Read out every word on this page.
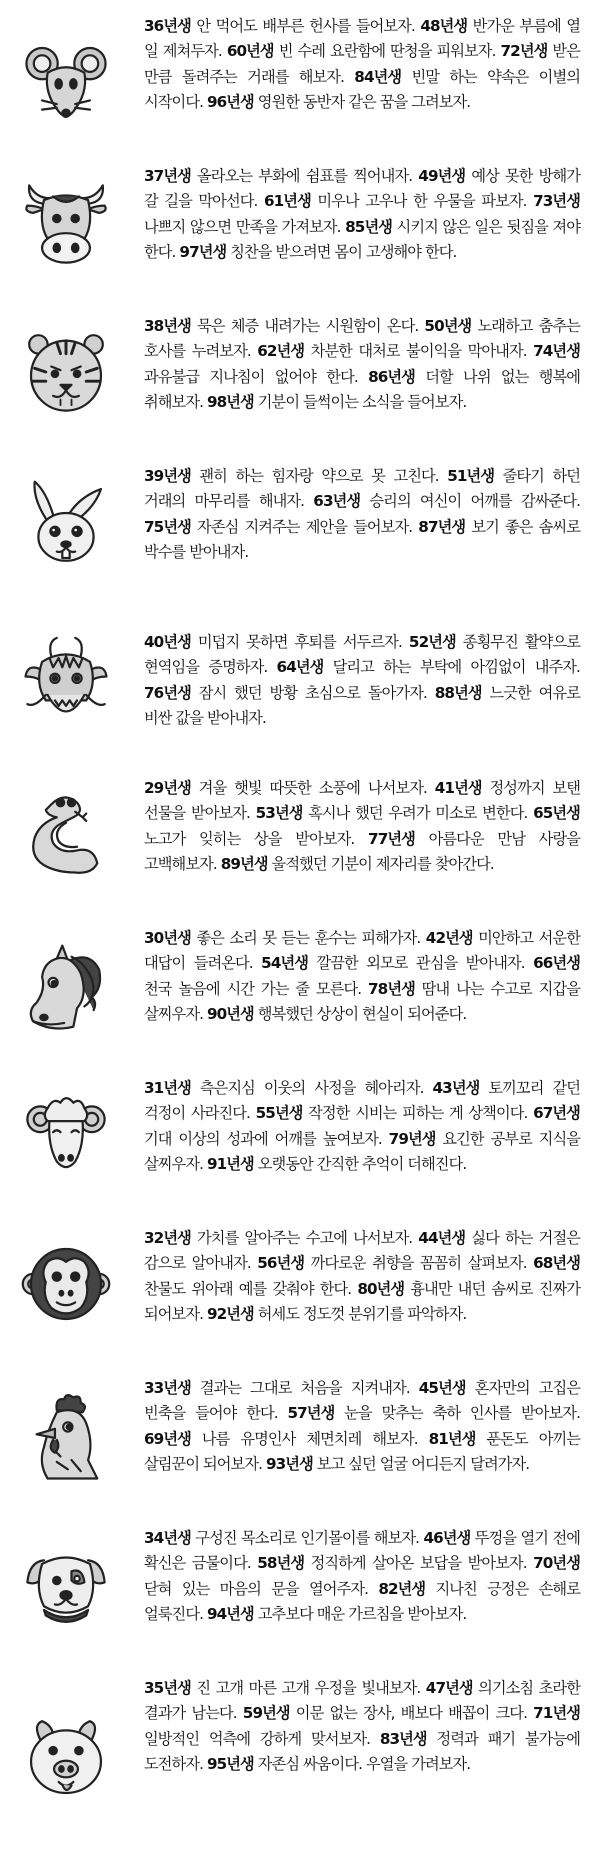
36년생 안 먹어도 배부른 헌사를 들어보자. 48년생 반가운 부름에 열 일 제쳐두자. 60년생 빈 수레 요란함에 딴청을 피워보자. 72년생 받은 만큼 돌려주는 거래를 해보자. 84년생 빈말 하는 약속은 이별의 시작이다. 96년생 영원한 동반자 같은 꿈을 그려보자.
37년생 올라오는 부화에 쉼표를 찍어내자. 49년생 예상 못한 방해가 갈 길을 막아선다. 61년생 미우나 고우나 한 우물을 파보자. 73년생 나쁘지 않으면 만족을 가져보자. 85년생 시키지 않은 일은 뒷짐을 져야 한다. 97년생 칭찬을 받으려면 몸이 고생해야 한다.
38년생 묵은 체증 내려가는 시원함이 온다. 50년생 노래하고 춤추는 호사를 누려보자. 62년생 차분한 대처로 불이익을 막아내자. 74년생 과유불급 지나침이 없어야 한다. 86년생 더할 나위 없는 행복에 취해보자. 98년생 기분이 들썩이는 소식을 들어보자.
39년생 괜히 하는 힘자랑 약으로 못 고친다. 51년생 줄타기 하던 거래의 마무리를 해내자. 63년생 승리의 여신이 어깨를 감싸준다. 75년생 자존심 지켜주는 제안을 들어보자. 87년생 보기 좋은 솜씨로 박수를 받아내자.
40년생 미덥지 못하면 후퇴를 서두르자. 52년생 종횡무진 활약으로 현역임을 증명하자. 64년생 달리고 하는 부탁에 아낌없이 내주자. 76년생 잠시 했던 방황 초심으로 돌아가자. 88년생 느긋한 여유로 비싼 값을 받아내자.
29년생 겨울 햇빛 따뜻한 소풍에 나서보자. 41년생 정성까지 보탠 선물을 받아보자. 53년생 혹시나 했던 우려가 미소로 변한다. 65년생 노고가 잊히는 상을 받아보자. 77년생 아름다운 만남 사랑을 고백해보자. 89년생 울적했던 기분이 제자리를 찾아간다.
30년생 좋은 소리 못 듣는 훈수는 피해가자. 42년생 미안하고 서운한 대답이 들려온다. 54년생 깔끔한 외모로 관심을 받아내자. 66년생 천국 놀음에 시간 가는 줄 모른다. 78년생 땀내 나는 수고로 지갑을 살찌우자. 90년생 행복했던 상상이 현실이 되어준다.
31년생 측은지심 이웃의 사정을 헤아리자. 43년생 토끼꼬리 같던 걱정이 사라진다. 55년생 작정한 시비는 피하는 게 상책이다. 67년생 기대 이상의 성과에 어깨를 높여보자. 79년생 요긴한 공부로 지식을 살찌우자. 91년생 오랫동안 간직한 추억이 더해진다.
32년생 가치를 알아주는 수고에 나서보자. 44년생 싫다 하는 거절은 감으로 알아내자. 56년생 까다로운 취향을 꼼꼼히 살펴보자. 68년생 찬물도 위아래 예를 갖춰야 한다. 80년생 흉내만 내던 솜씨로 진짜가 되어보자. 92년생 허세도 정도껏 분위기를 파악하자.
33년생 결과는 그대로 처음을 지켜내자. 45년생 혼자만의 고집은 빈축을 들어야 한다. 57년생 눈을 맞추는 축하 인사를 받아보자. 69년생 나름 유명인사 체면치레 해보자. 81년생 푼돈도 아끼는 살림꾼이 되어보자. 93년생 보고 싶던 얼굴 어디든지 달려가자.
34년생 구성진 목소리로 인기몰이를 해보자. 46년생 뚜껑을 열기 전에 확신은 금물이다. 58년생 정직하게 살아온 보답을 받아보자. 70년생 닫혀 있는 마음의 문을 열어주자. 82년생 지나친 긍정은 손해로 얼룩진다. 94년생 고추보다 매운 가르침을 받아보자.
35년생 진 고개 마른 고개 우정을 빛내보자. 47년생 의기소침 초라한 결과가 남는다. 59년생 이문 없는 장사, 배보다 배꼽이 크다. 71년생 일방적인 억측에 강하게 맞서보자. 83년생 정력과 패기 불가능에 도전하자. 95년생 자존심 싸움이다. 우열을 가려보자.
